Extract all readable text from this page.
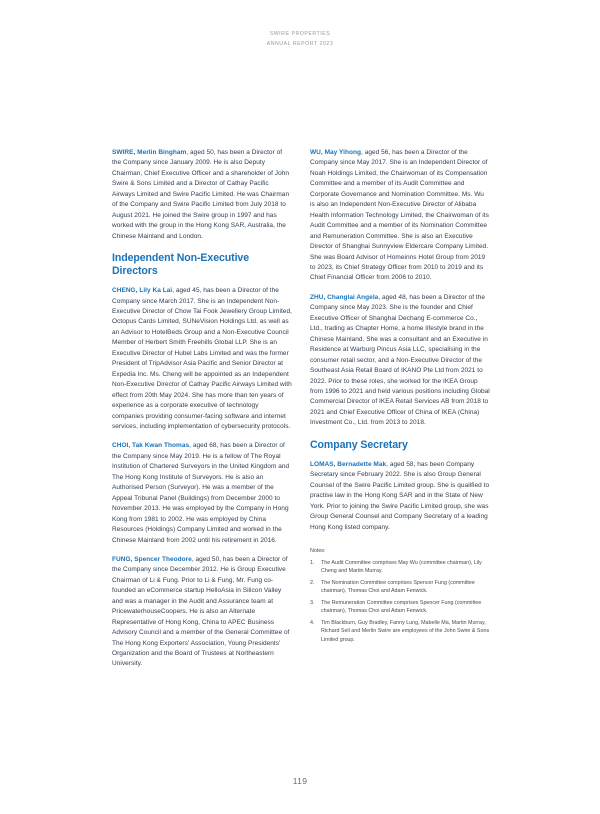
SWIRE PROPERTIES
ANNUAL REPORT 2023

SWIRE, Merlin Bingham, aged 50, has been a Director of the Company since January 2009. He is also Deputy Chairman, Chief Executive Officer and a shareholder of John Swire & Sons Limited and a Director of Cathay Pacific Airways Limited and Swire Pacific Limited. He was Chairman of the Company and Swire Pacific Limited from July 2018 to August 2021. He joined the Swire group in 1997 and has worked with the group in the Hong Kong SAR, Australia, the Chinese Mainland and London.

Independent Non-Executive Directors

CHENG, Lily Ka Lai, aged 45, has been a Director of the Company since March 2017. She is an Independent Non-Executive Director of Chow Tai Fook Jewellery Group Limited, Octopus Cards Limited, SUNeVision Holdings Ltd. as well as an Advisor to HotelBeds Group and a Non-Executive Council Member of Herbert Smith Freehills Global LLP. She is an Executive Director of Hubel Labs Limited and was the former President of TripAdvisor Asia Pacific and Senior Director at Expedia Inc. Ms. Cheng will be appointed as an Independent Non-Executive Director of Cathay Pacific Airways Limited with effect from 20th May 2024. She has more than ten years of experience as a corporate executive of technology companies providing consumer-facing software and internet services, including implementation of cybersecurity protocols.

CHOI, Tak Kwan Thomas, aged 68, has been a Director of the Company since May 2019. He is a fellow of The Royal Institution of Chartered Surveyors in the United Kingdom and The Hong Kong Institute of Surveyors. He is also an Authorised Person (Surveyor). He was a member of the Appeal Tribunal Panel (Buildings) from December 2000 to November 2013. He was employed by the Company in Hong Kong from 1981 to 2002. He was employed by China Resources (Holdings) Company Limited and worked in the Chinese Mainland from 2002 until his retirement in 2016.

FUNG, Spencer Theodore, aged 50, has been a Director of the Company since December 2012. He is Group Executive Chairman of Li & Fung. Prior to Li & Fung, Mr. Fung co-founded an eCommerce startup HelloAsia in Silicon Valley and was a manager in the Audit and Assurance team at PricewaterhouseCoopers. He is also an Alternate Representative of Hong Kong, China to APEC Business Advisory Council and a member of the General Committee of The Hong Kong Exporters' Association, Young Presidents' Organization and the Board of Trustees at Northeastern University.

WU, May Yihong, aged 56, has been a Director of the Company since May 2017. She is an Independent Director of Noah Holdings Limited, the Chairwoman of its Compensation Committee and a member of its Audit Committee and Corporate Governance and Nomination Committee. Ms. Wu is also an Independent Non-Executive Director of Alibaba Health Information Technology Limited, the Chairwoman of its Audit Committee and a member of its Nomination Committee and Remuneration Committee. She is also an Executive Director of Shanghai Sunnyview Eldercare Company Limited. She was Board Advisor of Homeinns Hotel Group from 2019 to 2023, its Chief Strategy Officer from 2010 to 2019 and its Chief Financial Officer from 2006 to 2010.

ZHU, Changlai Angela, aged 48, has been a Director of the Company since May 2023. She is the founder and Chief Executive Officer of Shanghai Dechang E-commerce Co., Ltd., trading as Chapter Home, a home lifestyle brand in the Chinese Mainland. She was a consultant and an Executive in Residence at Warburg Pincus Asia LLC, specialising in the consumer retail sector, and a Non-Executive Director of the Southeast Asia Retail Board of IKANO Pte Ltd from 2021 to 2022. Prior to these roles, she worked for the IKEA Group from 1996 to 2021 and held various positions including Global Commercial Director of IKEA Retail Services AB from 2018 to 2021 and Chief Executive Officer of China of IKEA (China) Investment Co., Ltd. from 2013 to 2018.

Company Secretary

LOMAS, Bernadette Mak, aged 58, has been Company Secretary since February 2022. She is also Group General Counsel of the Swire Pacific Limited group. She is qualified to practise law in the Hong Kong SAR and in the State of New York. Prior to joining the Swire Pacific Limited group, she was Group General Counsel and Company Secretary of a leading Hong Kong listed company.

Notes:

The Audit Committee comprises May Wu (committee chairman), Lily Cheng and Martin Murray.
The Nomination Committee comprises Spencer Fung (committee chairman), Thomas Choi and Adam Fenwick.
The Remuneration Committee comprises Spencer Fung (committee chairman), Thomas Choi and Adam Fenwick.
Tim Blackburn, Guy Bradley, Fanny Lung, Mabelle Ma, Martin Murray, Richard Sell and Merlin Swire are employees of the John Swire & Sons Limited group.
119
